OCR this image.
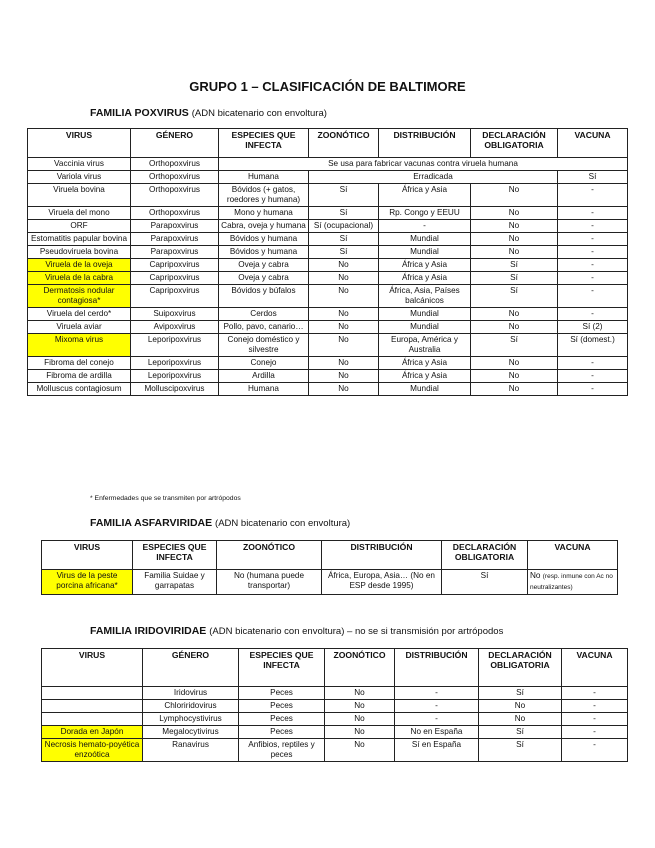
GRUPO 1 – CLASIFICACIÓN DE BALTIMORE
FAMILIA POXVIRUS (ADN bicatenario con envoltura)
VIRUS	GÉNERO	ESPECIES QUE INFECTA	ZOONÓTICO	DISTRIBUCIÓN	DECLARACIÓN OBLIGATORIA	VACUNA
Vaccinia virus	Orthopoxvirus	Se usa para fabricar vacunas contra viruela humana				
Variola virus	Orthopoxvirus	Humana	Erradicada			Sí
Viruela bovina	Orthopoxvirus	Bóvidos (+ gatos, roedores y humana)	Sí	África y Asia	No	-
Viruela del mono	Orthopoxvirus	Mono y humana	Sí	Rp. Congo y EEUU	No	-
ORF	Parapoxvirus	Cabra, oveja y humana	Sí (ocupacional)	-	No	-
Estomatitis papular bovina	Parapoxvirus	Bóvidos y humana	Sí	Mundial	No	-
Pseudoviruela bovina	Parapoxvirus	Bóvidos y humana	Sí	Mundial	No	-
Viruela de la oveja	Capripoxvirus	Oveja y cabra	No	África y Asia	Sí	-
Viruela de la cabra	Capripoxvirus	Oveja y cabra	No	África y Asia	Sí	-
Dermatosis nodular contagiosa*	Capripoxvirus	Bóvidos y búfalos	No	África, Asia, Países balcánicos	Sí	-
Viruela del cerdo*	Suipoxvirus	Cerdos	No	Mundial	No	-
Viruela aviar	Avipoxvirus	Pollo, pavo, canario…	No	Mundial	No	Sí (2)
Mixoma virus	Leporipoxvirus	Conejo doméstico y silvestre	No	Europa, América y Australia	Sí	Sí (domest.)
Fibroma del conejo	Leporipoxvirus	Conejo	No	África y Asia	No	-
Fibroma de ardilla	Leporipoxvirus	Ardilla	No	África y Asia	No	-
Molluscus contagiosum	Molluscipoxvirus	Humana	No	Mundial	No	-
* Enfermedades que se transmiten por artrópodos
FAMILIA ASFARVIRIDAE (ADN bicatenario con envoltura)
VIRUS	ESPECIES QUE INFECTA	ZOONÓTICO	DISTRIBUCIÓN	DECLARACIÓN OBLIGATORIA	VACUNA
Virus de la peste porcina africana*	Familia Suidae y garrapatas	No (humana puede transportar)	África, Europa, Asia… (No en ESP desde 1995)	Sí	No (resp. inmune con Ac no neutralizantes)
FAMILIA IRIDOVIRIDAE (ADN bicatenario con envoltura) – no se si transmisión por artrópodos
VIRUS	GÉNERO	ESPECIES QUE INFECTA	ZOONÓTICO	DISTRIBUCIÓN	DECLARACIÓN OBLIGATORIA	VACUNA
	Iridovirus	Peces	No	-	Sí	-
	Chloriridovirus	Peces	No	-	No	-
	Lymphocystivirus	Peces	No	-	No	-
Dorada en Japón	Megalocytivirus	Peces	No	No en España	Sí	-
Necrosis hemato-poyética enzoótica	Ranavirus	Anfibios, reptiles y peces	No	Sí en España	Sí	-
